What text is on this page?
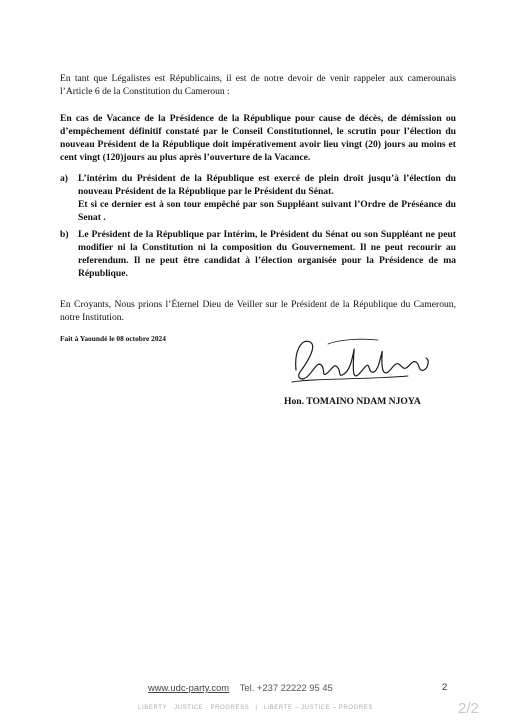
En tant que Légalistes est Républicains, il est de notre devoir de venir rappeler aux camerounais l’Article 6 de la Constitution du Cameroun :

En cas de Vacance de la Présidence de la République pour cause de décès, de démission ou d’empêchement définitif constaté par le Conseil Constitutionnel, le scrutin pour l’élection du nouveau Président de la République doit impérativement avoir lieu vingt (20) jours au moins et cent vingt (120)jours au plus après l’ouverture de la Vacance.

a) L’intérim du Président de la République est exercé de plein droit jusqu’à l’élection du nouveau Président de la République par le Président du Sénat.

Et si ce dernier est à son tour empêché par son Suppléant suivant l’Ordre de Préséance du Senat .

b) Le Président de la République par Intérim, le Président du Sénat ou son Suppléant ne peut modifier ni la Constitution ni la composition du Gouvernement. Il ne peut recourir au referendum. Il ne peut être candidat à l’élection organisée pour la Présidence de ma République.

En Croyants, Nous prions l’Éternel Dieu de Veiller sur le Président de la République du Cameroun, notre Institution.

Fait à Yaoundé le 08 octobre 2024
Hon. TOMAINO NDAM NJOYA
www.udc-party.com Tel. +237 22222 95 45	2
LIBERTY · JUSTICE · PROGRESS | LIBERTE – JUSTICE – PROGRES	2/2
